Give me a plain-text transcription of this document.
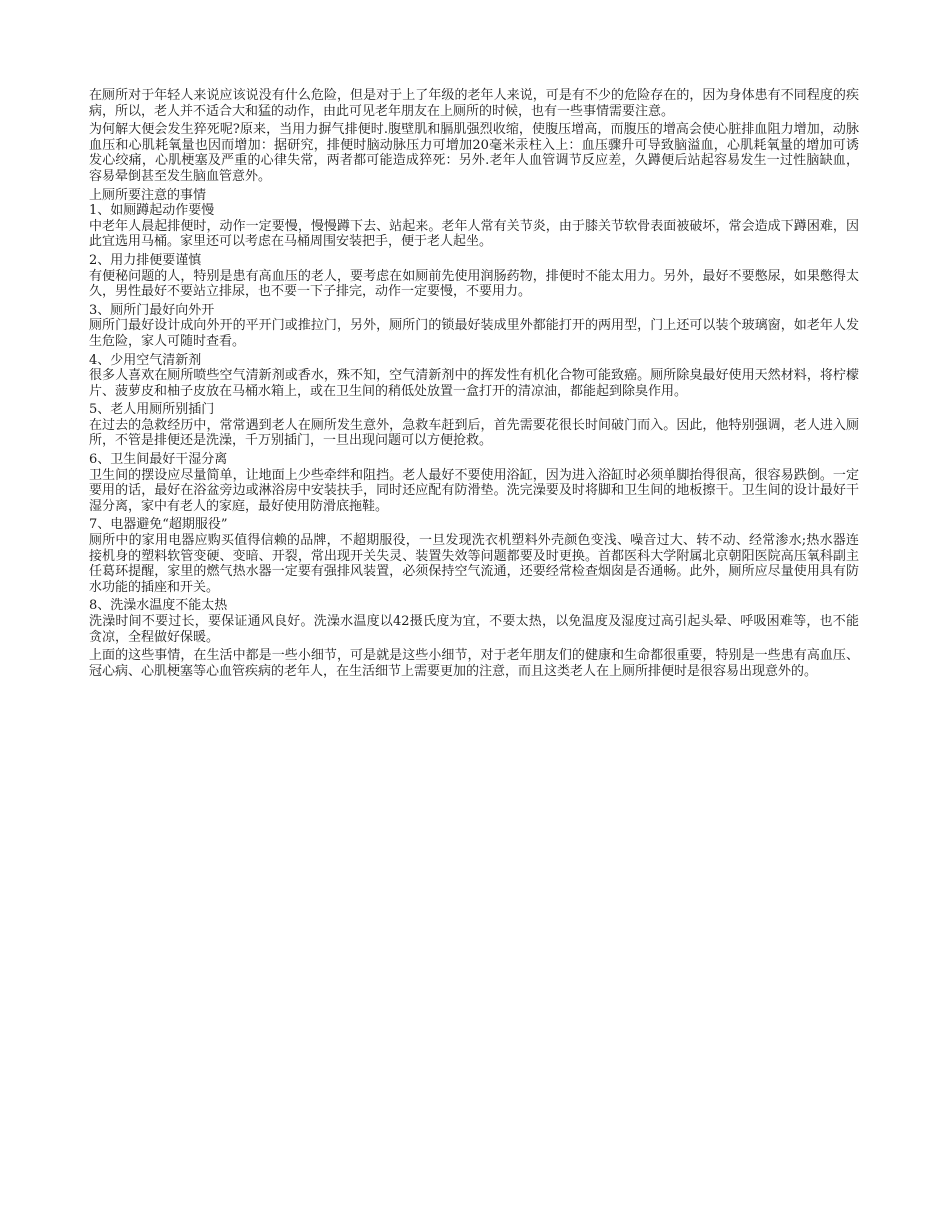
在厕所对于年轻人来说应该说没有什么危险，但是对于上了年级的老年人来说，可是有不少的危险存在的，因为身体患有不同程度的疾病，所以，老人并不适合大和猛的动作，由此可见老年朋友在上厕所的时候，也有一些事情需要注意。

为何解大便会发生猝死呢?原来，当用力摒气排便时.腹壁肌和膈肌强烈收缩，使腹压增高，而腹压的增高会使心脏排血阻力增加，动脉血压和心肌耗氧量也因而增加：据研究，排便时脑动脉压力可增加20毫米汞柱入上：血压骤升可导致脑溢血，心肌耗氧量的增加可诱发心绞痛，心肌梗塞及严重的心律失常，两者都可能造成猝死：另外.老年人血管调节反应差，久蹲便后站起容易发生一过性脑缺血，容易晕倒甚至发生脑血管意外。

上厕所要注意的事情

1、如厕蹲起动作要慢

中老年人晨起排便时，动作一定要慢，慢慢蹲下去、站起来。老年人常有关节炎，由于膝关节软骨表面被破坏，常会造成下蹲困难，因此宜选用马桶。家里还可以考虑在马桶周围安装把手，便于老人起坐。

2、用力排便要谨慎

有便秘问题的人，特别是患有高血压的老人，要考虑在如厕前先使用润肠药物，排便时不能太用力。另外，最好不要憋尿，如果憋得太久，男性最好不要站立排尿，也不要一下子排完，动作一定要慢，不要用力。

3、厕所门最好向外开

厕所门最好设计成向外开的平开门或推拉门，另外，厕所门的锁最好装成里外都能打开的两用型，门上还可以装个玻璃窗，如老年人发生危险，家人可随时查看。

4、少用空气清新剂

很多人喜欢在厕所喷些空气清新剂或香水，殊不知，空气清新剂中的挥发性有机化合物可能致癌。厕所除臭最好使用天然材料，将柠檬片、菠萝皮和柚子皮放在马桶水箱上，或在卫生间的稍低处放置一盒打开的清凉油，都能起到除臭作用。

5、老人用厕所别插门

在过去的急救经历中，常常遇到老人在厕所发生意外，急救车赶到后，首先需要花很长时间破门而入。因此，他特别强调，老人进入厕所，不管是排便还是洗澡，千万别插门，一旦出现问题可以方便抢救。

6、卫生间最好干湿分离

卫生间的摆设应尽量简单，让地面上少些牵绊和阻挡。老人最好不要使用浴缸，因为进入浴缸时必须单脚抬得很高，很容易跌倒。一定要用的话，最好在浴盆旁边或淋浴房中安装扶手，同时还应配有防滑垫。洗完澡要及时将脚和卫生间的地板擦干。卫生间的设计最好干湿分离，家中有老人的家庭，最好使用防滑底拖鞋。

7、电器避免“超期服役”

厕所中的家用电器应购买值得信赖的品牌，不超期服役，一旦发现洗衣机塑料外壳颜色变浅、噪音过大、转不动、经常渗水;热水器连接机身的塑料软管变硬、变暗、开裂，常出现开关失灵、装置失效等问题都要及时更换。首都医科大学附属北京朝阳医院高压氧科副主任葛环提醒，家里的燃气热水器一定要有强排风装置，必须保持空气流通，还要经常检查烟囱是否通畅。此外，厕所应尽量使用具有防水功能的插座和开关。

8、洗澡水温度不能太热

洗澡时间不要过长，要保证通风良好。洗澡水温度以42摄氏度为宜，不要太热，以免温度及湿度过高引起头晕、呼吸困难等，也不能贪凉，全程做好保暖。

上面的这些事情，在生活中都是一些小细节，可是就是这些小细节，对于老年朋友们的健康和生命都很重要，特别是一些患有高血压、冠心病、心肌梗塞等心血管疾病的老年人，在生活细节上需要更加的注意，而且这类老人在上厕所排便时是很容易出现意外的。
